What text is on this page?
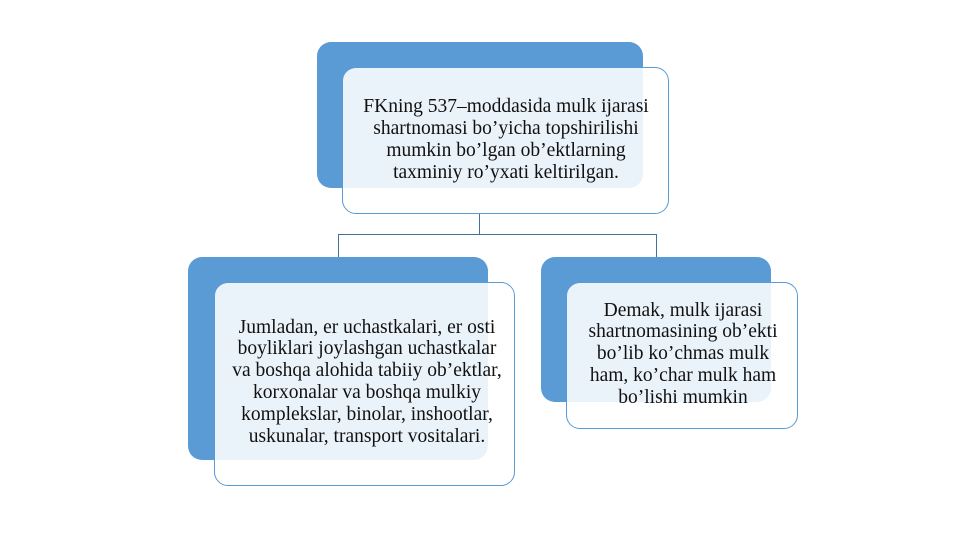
FKning 537–moddasida mulk ijarasi shartnomasi bo’yicha topshirilishi mumkin bo’lgan ob’ektlarning taxminiy ro’yxati keltirilgan.
Jumladan, er uchastkalari, er osti boyliklari joylashgan uchastkalar va boshqa alohida tabiiy ob’ektlar, korxonalar va boshqa mulkiy komplekslar, binolar, inshootlar, uskunalar, transport vositalari.
Demak, mulk ijarasi shartnomasining ob’ekti bo’lib ko’chmas mulk ham, ko’char mulk ham bo’lishi mumkin
